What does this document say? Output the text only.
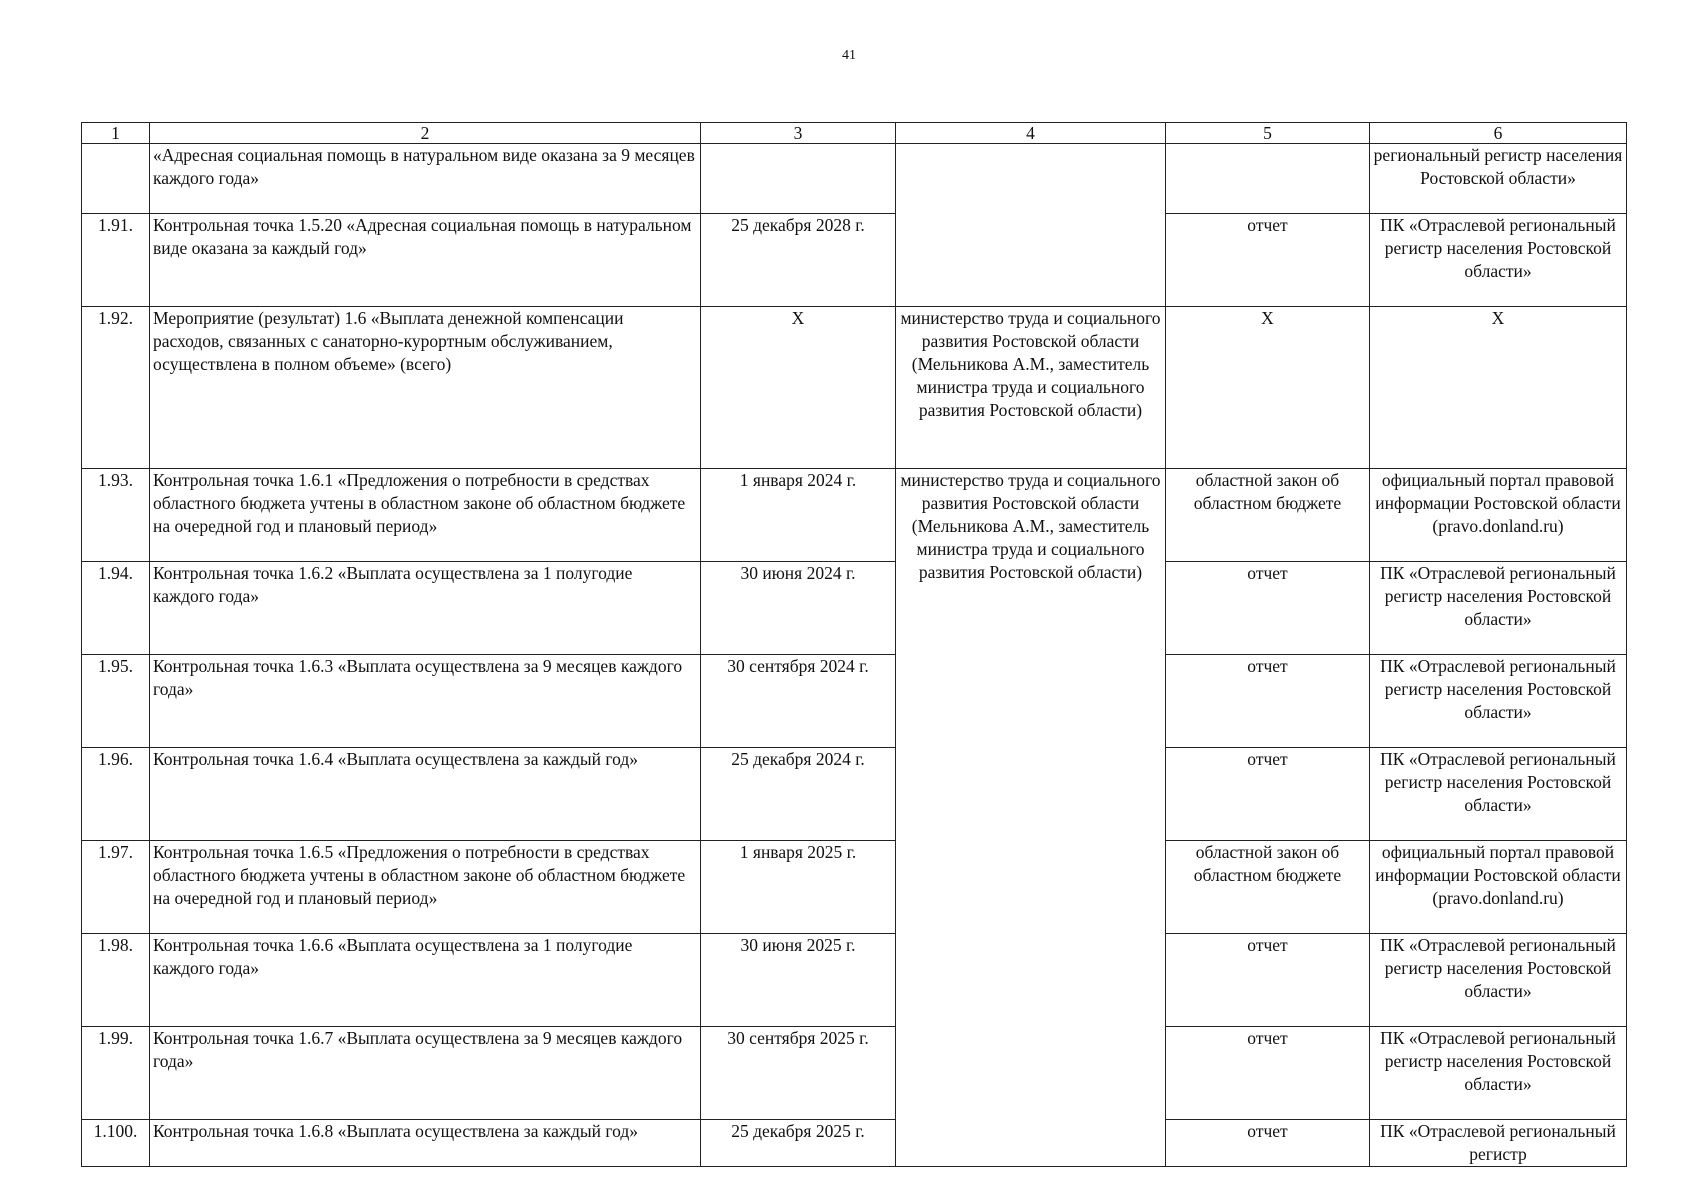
41
1	2	3	4	5	6
	«Адресная социальная помощь в натуральном виде оказана за 9 месяцев каждого года»				региональный регистр населения Ростовской области»
1.91.	Контрольная точка 1.5.20 «Адресная социальная помощь в натуральном виде оказана за каждый год»	25 декабря 2028 г.		отчет	ПК «Отраслевой региональный регистр населения Ростовской области»
1.92.	Мероприятие (результат) 1.6 «Выплата денежной компенсации расходов, связанных с санаторно-курортным обслуживанием, осуществлена в полном объеме» (всего)	X	министерство труда и социального развития Ростовской области (Мельникова А.М., заместитель министра труда и социального развития Ростовской области)	X	X
1.93.	Контрольная точка 1.6.1 «Предложения о потребности в средствах областного бюджета учтены в областном законе об областном бюджете на очередной год и плановый период»	1 января 2024 г.	министерство труда и социального развития Ростовской области (Мельникова А.М., заместитель министра труда и социального развития Ростовской области)	областной закон об областном бюджете	официальный портал правовой информации Ростовской области (pravo.donland.ru)
1.94.	Контрольная точка 1.6.2 «Выплата осуществлена за 1 полугодие каждого года»	30 июня 2024 г.		отчет	ПК «Отраслевой региональный регистр населения Ростовской области»
1.95.	Контрольная точка 1.6.3 «Выплата осуществлена за 9 месяцев каждого года»	30 сентября 2024 г.		отчет	ПК «Отраслевой региональный регистр населения Ростовской области»
1.96.	Контрольная точка 1.6.4 «Выплата осуществлена за каждый год»	25 декабря 2024 г.		отчет	ПК «Отраслевой региональный регистр населения Ростовской области»
1.97.	Контрольная точка 1.6.5 «Предложения о потребности в средствах областного бюджета учтены в областном законе об областном бюджете на очередной год и плановый период»	1 января 2025 г.		областной закон об областном бюджете	официальный портал правовой информации Ростовской области (pravo.donland.ru)
1.98.	Контрольная точка 1.6.6 «Выплата осуществлена за 1 полугодие каждого года»	30 июня 2025 г.		отчет	ПК «Отраслевой региональный регистр населения Ростовской области»
1.99.	Контрольная точка 1.6.7 «Выплата осуществлена за 9 месяцев каждого года»	30 сентября 2025 г.		отчет	ПК «Отраслевой региональный регистр населения Ростовской области»
1.100.	Контрольная точка 1.6.8 «Выплата осуществлена за каждый год»	25 декабря 2025 г.		отчет	ПК «Отраслевой региональный регистр
